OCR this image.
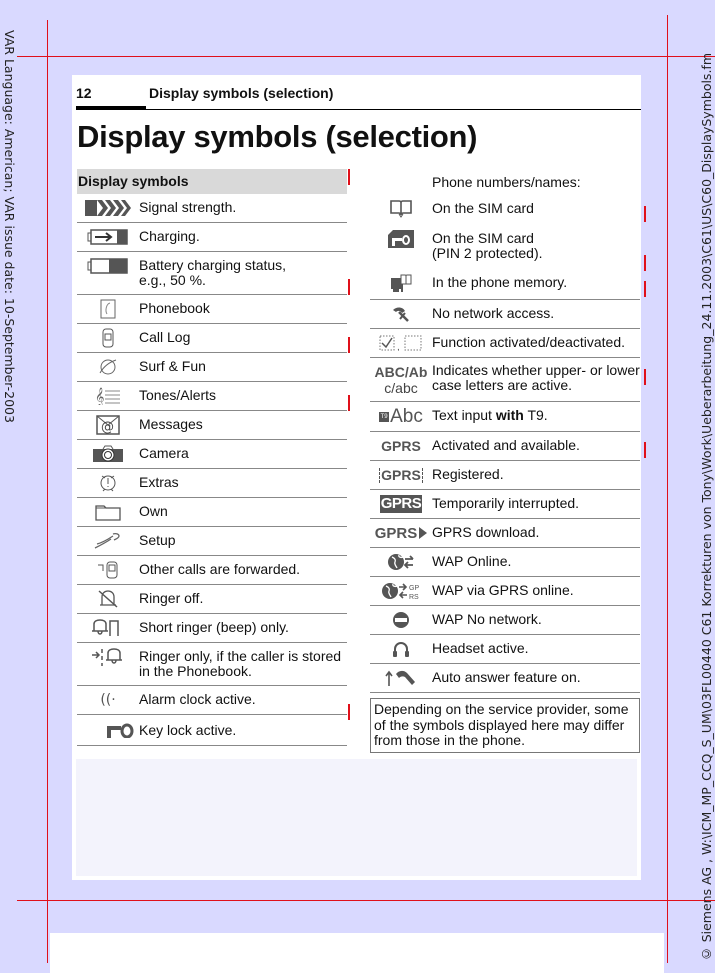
VAR Language: American; VAR issue date: 10-September-2003	© Siemens AG , W:\ICM_MP_CCQ_S_UM\03FL00440 C61 Korrekturen von Tony\Work\Ueberarbeitung_24.11.2003\C61\US\C60_DisplaySymbols.fm
12	Display symbols (selection)
Display symbols (selection)
Display symbols
Signal strength.
Charging.
Battery charging status,
e.g., 50 %.
Phonebook
Call Log
Surf & Fun
𝄞 Tones/Alerts
@ Messages
Camera
Extras
Own
Setup
Other calls are forwarded.
Ringer off.
Short ringer (beep) only.
Ringer only, if the caller is stored
in the Phonebook.
((· Alarm clock active.
Key lock active.
Phone numbers/names:
On the SIM card
On the SIM card
(PIN 2 protected).
In the phone memory.
No network access.
, Function activated/deactivated.
ABC/Ab
c/abc
Indicates whether upper- or lower
case letters are active.
T9 Abc Text input with T9.
GPRS Activated and available.
GPRS Registered.
GPRS Temporarily interrupted.
GPRS GPRS download.
WAP Online.
GP
RS WAP via GPRS online.
WAP No network.
Headset active.
Auto answer feature on.
Depending on the service provider, some of the symbols displayed here may differ from those in the phone.
